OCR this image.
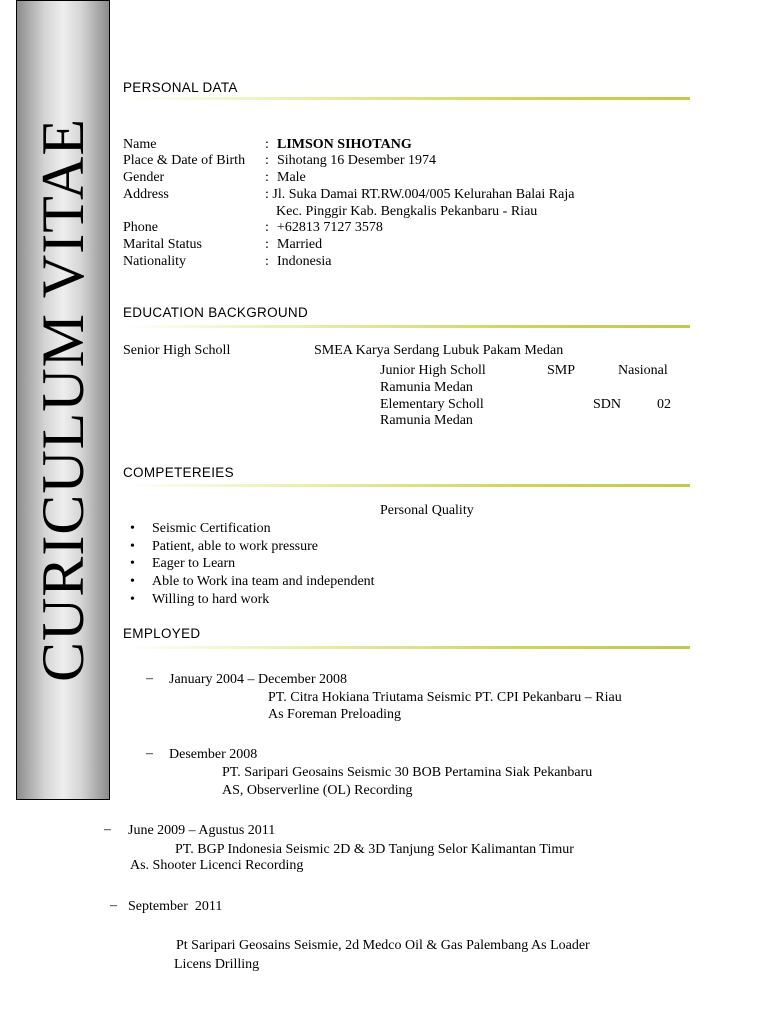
CURICULUM VITAE
PERSONAL DATA
Name	: LIMSON SIHOTANG
Place & Date of Birth : Sihotang 16 Desember 1974
Gender	: Male
Address	: Jl. Suka Damai RT.RW.004/005 Kelurahan Balai Raja
Kec. Pinggir Kab. Bengkalis Pekanbaru - Riau
Phone	: +62813 7127 3578
Marital Status	: Married
Nationality	: Indonesia
EDUCATION BACKGROUND
Senior High Scholl	SMEA Karya Serdang Lubuk Pakam Medan
Junior High Scholl	SMP	Nasional
Ramunia Medan
Elementary Scholl	SDN	02
Ramunia Medan
COMPETEREIES
Personal Quality
• Seismic Certification
• Patient, able to work pressure
• Eager to Learn
• Able to Work ina team and independent
• Willing to hard work
EMPLOYED
– January 2004 – December 2008
PT. Citra Hokiana Triutama Seismic PT. CPI Pekanbaru – Riau
As Foreman Preloading
– Desember 2008
PT. Saripari Geosains Seismic 30 BOB Pertamina Siak Pekanbaru
AS, Observerline (OL) Recording
– June 2009 – Agustus 2011
PT. BGP Indonesia Seismic 2D & 3D Tanjung Selor Kalimantan Timur
As. Shooter Licenci Recording
– September  2011
Pt Saripari Geosains Seismie, 2d Medco Oil & Gas Palembang As Loader
Licens Drilling
